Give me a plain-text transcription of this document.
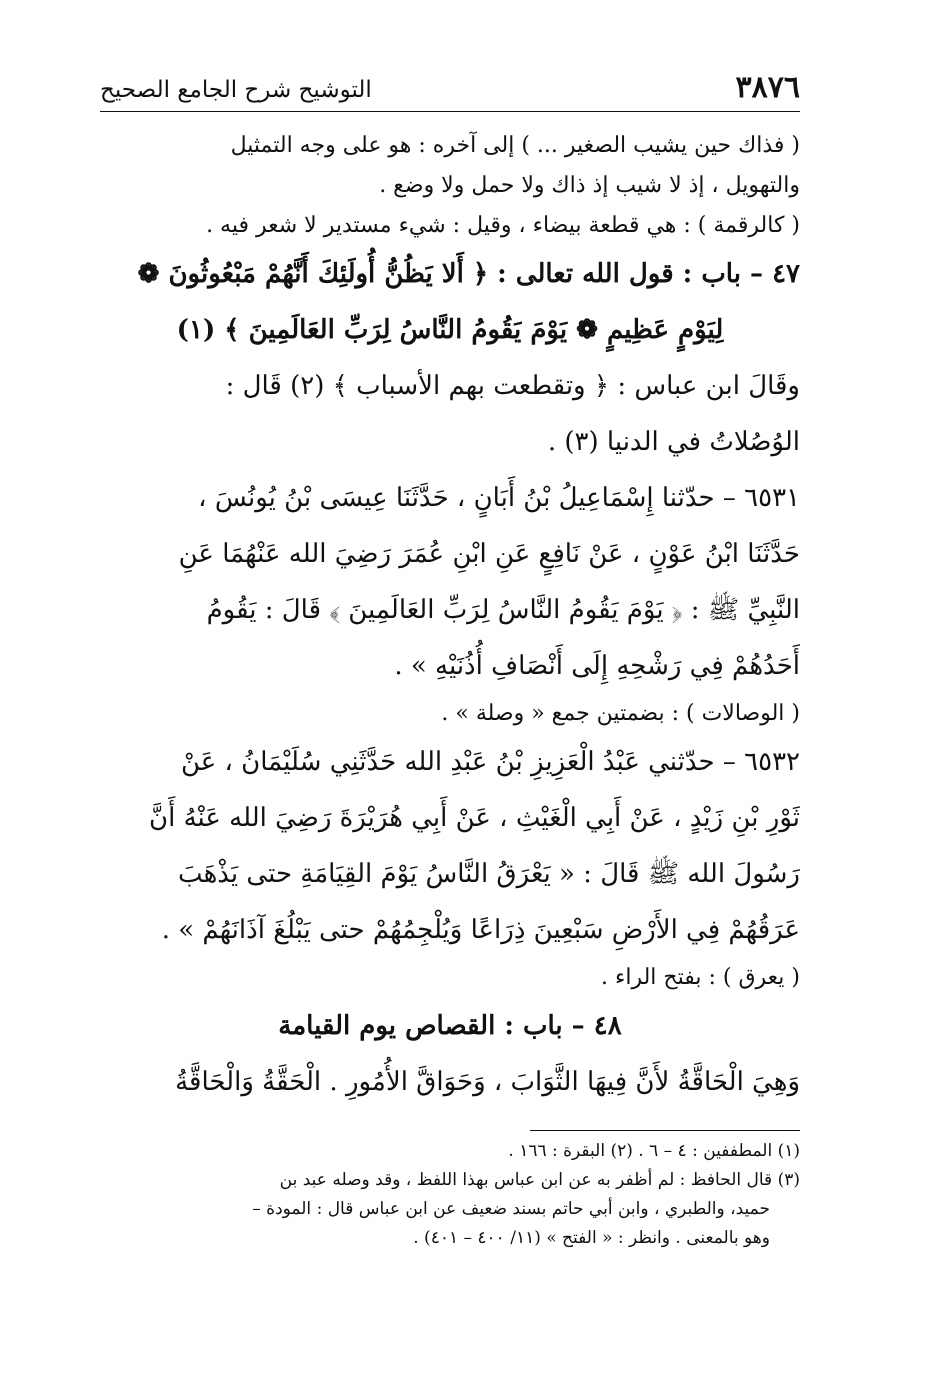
٣٨٧٦
التوشيح شرح الجامع الصحيح
( فذاك حين يشيب الصغير ... ) إلى آخره : هو على وجه التمثيل
والتهويل ، إذ لا شيب إذ ذاك ولا حمل ولا وضع .
( كالرقمة ) : هي قطعة بيضاء ، وقيل : شيء مستدير لا شعر فيه .
٤٧ – باب : قول الله تعالى : ﴿ أَلا يَظُنُّ أُولَئِكَ أَنَّهُمْ مَبْعُوثُونَ ❁
لِيَوْمٍ عَظِيمٍ ❁ يَوْمَ يَقُومُ النَّاسُ لِرَبِّ العَالَمِينَ ﴾ (١)
وقَالَ ابن عباس : ﴿ وتقطعت بهم الأسباب ﴾ (٢) قَال :
الوُصُلاتُ في الدنيا (٣) .
٦٥٣١ – حدّثنا إِسْمَاعِيلُ بْنُ أَبَانٍ ، حَدَّثَنَا عِيسَى بْنُ يُونُسَ ،
حَدَّثَنَا ابْنُ عَوْنٍ ، عَنْ نَافِعٍ عَنِ ابْنِ عُمَرَ رَضِيَ الله عَنْهُمَا عَنِ
النَّبِيِّ ﷺ : ﴿ يَوْمَ يَقُومُ النَّاسُ لِرَبِّ العَالَمِينَ ﴾ قَالَ : يَقُومُ
أَحَدُهُمْ فِي رَشْحِهِ إِلَى أَنْصَافِ أُذُنَيْهِ » .
( الوصالات ) : بضمتين جمع « وصلة » .
٦٥٣٢ – حدّثني عَبْدُ الْعَزِيزِ بْنُ عَبْدِ الله حَدَّثَنِي سُلَيْمَانُ ، عَنْ
ثَوْرِ بْنِ زَيْدٍ ، عَنْ أَبِي الْغَيْثِ ، عَنْ أَبِي هُرَيْرَةَ رَضِيَ الله عَنْهُ أَنَّ
رَسُولَ الله ﷺ قَالَ : « يَعْرَقُ النَّاسُ يَوْمَ القِيَامَةِ حتى يَذْهَبَ
عَرَقُهُمْ فِي الأَرْضِ سَبْعِينَ ذِرَاعًا وَيُلْجِمُهُمْ حتى يَبْلُغَ آذَانَهُمْ » .
( يعرق ) : بفتح الراء .
٤٨ – باب : القصاص يوم القيامة
وَهِيَ الْحَاقَّةُ لأَنَّ فِيهَا الثَّوَابَ ، وَحَوَاقَّ الأُمُورِ . الْحَقَّةُ وَالْحَاقَّةُ
(١) المطففين : ٤ – ٦ . (٢) البقرة : ١٦٦ .
(٣) قال الحافظ : لم أظفر به عن ابن عباس بهذا اللفظ ، وقد وصله عبد بن
حميد، والطبري ، وابن أبي حاتم بسند ضعيف عن ابن عباس قال : المودة –
وهو بالمعنى . وانظر : « الفتح » (١١/ ٤٠٠ – ٤٠١) .
